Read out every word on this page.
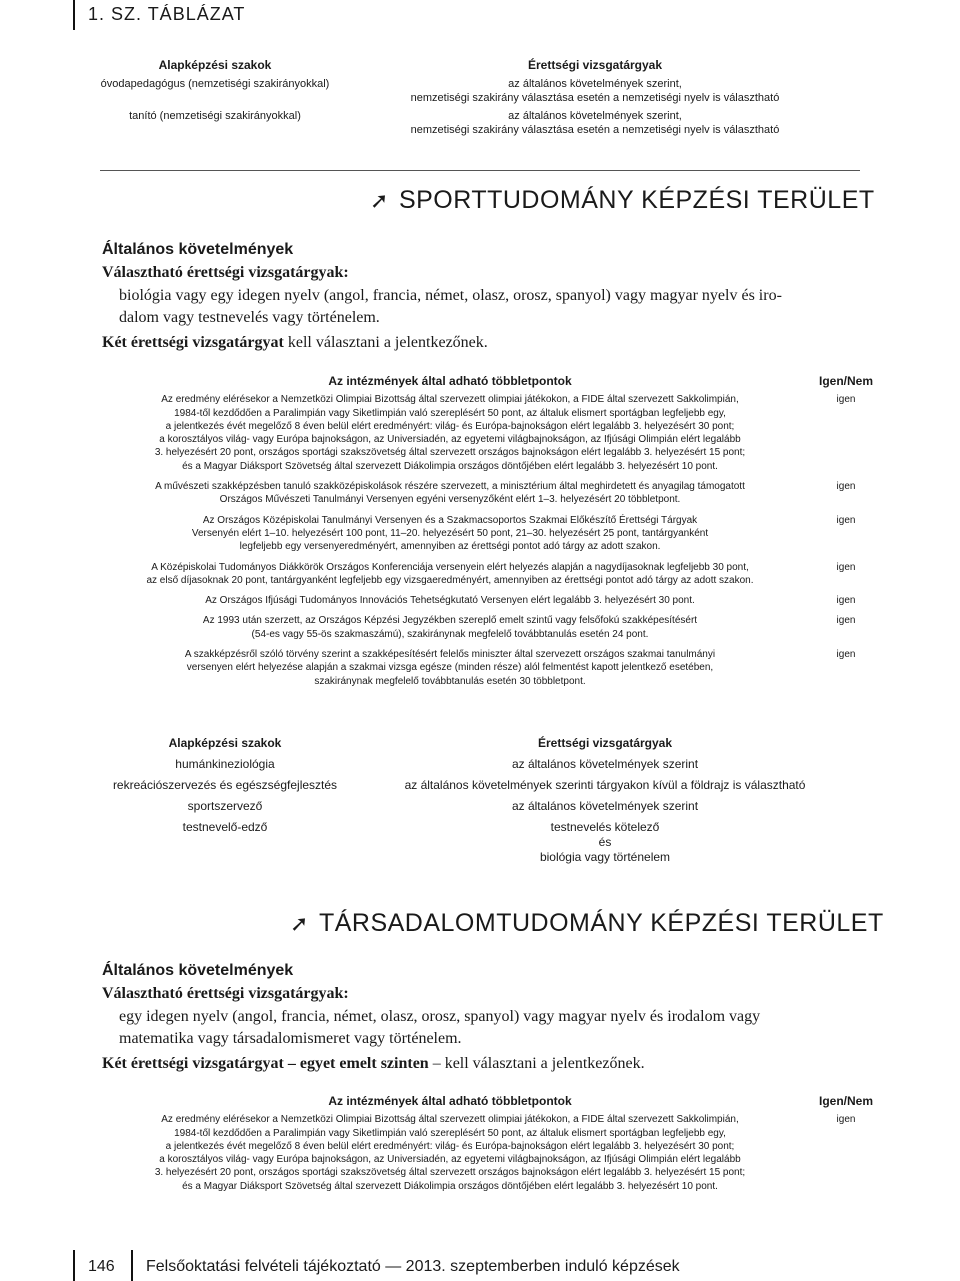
1. SZ. TÁBLÁZAT
Alapképzési szakok	Érettségi vizsgatárgyak
óvodapedagógus (nemzetiségi szakirányokkal)	az általános követelmények szerint,
nemzetiségi szakirány választása esetén a nemzetiségi nyelv is választható
tanító (nemzetiségi szakirányokkal)	az általános követelmények szerint,
nemzetiségi szakirány választása esetén a nemzetiségi nyelv is választható
➚ SPORTTUDOMÁNY KÉPZÉSI TERÜLET
Általános követelmények
Választható érettségi vizsgatárgyak:
biológia vagy egy idegen nyelv (angol, francia, német, olasz, orosz, spanyol) vagy magyar nyelv és iro-
dalom vagy testnevelés vagy történelem.
Két érettségi vizsgatárgyat kell választani a jelentkezőnek.
Az intézmények által adható többletpontok	Igen/Nem
Az eredmény elérésekor a Nemzetközi Olimpiai Bizottság által szervezett olimpiai játékokon, a FIDE által szervezett Sakkolimpián,
1984-től kezdődően a Paralimpián vagy Siketlimpián való szereplésért 50 pont, az általuk elismert sportágban legfeljebb egy,
a jelentkezés évét megelőző 8 éven belül elért eredményért: világ- és Európa-bajnokságon elért legalább 3. helyezésért 30 pont;
a korosztályos világ- vagy Európa bajnokságon, az Universiadén, az egyetemi világbajnokságon, az Ifjúsági Olimpián elért legalább
3. helyezésért 20 pont, országos sportági szakszövetség által szervezett országos bajnokságon elért legalább 3. helyezésért 15 pont;
és a Magyar Diáksport Szövetség által szervezett Diákolimpia országos döntőjében elért legalább 3. helyezésért 10 pont.
igen
A művészeti szakképzésben tanuló szakközépiskolások részére szervezett, a minisztérium által meghirdetett és anyagilag támogatott
Országos Művészeti Tanulmányi Versenyen egyéni versenyzőként elért 1–3. helyezésért 20 többletpont.
igen
Az Országos Középiskolai Tanulmányi Versenyen és a Szakmacsoportos Szakmai Előkészítő Érettségi Tárgyak
Versenyén elért 1–10. helyezésért 100 pont, 11–20. helyezésért 50 pont, 21–30. helyezésért 25 pont, tantárgyanként
legfeljebb egy versenyeredményért, amennyiben az érettségi pontot adó tárgy az adott szakon.
igen
A Középiskolai Tudományos Diákkörök Országos Konferenciája versenyein elért helyezés alapján a nagydíjasoknak legfeljebb 30 pont,
az első díjasoknak 20 pont, tantárgyanként legfeljebb egy vizsgaeredményért, amennyiben az érettségi pontot adó tárgy az adott szakon.
igen
Az Országos Ifjúsági Tudományos Innovációs Tehetségkutató Versenyen elért legalább 3. helyezésért 30 pont.	igen
Az 1993 után szerzett, az Országos Képzési Jegyzékben szereplő emelt szintű vagy felsőfokú szakképesítésért
(54-es vagy 55-ös szakmaszámú), szakiránynak megfelelő továbbtanulás esetén 24 pont.
igen
A szakképzésről szóló törvény szerint a szakképesítésért felelős miniszter által szervezett országos szakmai tanulmányi
versenyen elért helyezése alapján a szakmai vizsga egésze (minden része) alól felmentést kapott jelentkező esetében,
szakiránynak megfelelő továbbtanulás esetén 30 többletpont.
igen
Alapképzési szakok	Érettségi vizsgatárgyak
humánkineziológia	az általános követelmények szerint
rekreációszervezés és egészségfejlesztés	az általános követelmények szerinti tárgyakon kívül a földrajz is választható
sportszervező	az általános követelmények szerint
testnevelő-edző	testnevelés kötelező
és
biológia vagy történelem
➚ TÁRSADALOMTUDOMÁNY KÉPZÉSI TERÜLET
Általános követelmények
Választható érettségi vizsgatárgyak:
egy idegen nyelv (angol, francia, német, olasz, orosz, spanyol) vagy magyar nyelv és irodalom vagy
matematika vagy társadalomismeret vagy történelem.
Két érettségi vizsgatárgyat – egyet emelt szinten – kell választani a jelentkezőnek.
Az intézmények által adható többletpontok	Igen/Nem
Az eredmény elérésekor a Nemzetközi Olimpiai Bizottság által szervezett olimpiai játékokon, a FIDE által szervezett Sakkolimpián,
1984-től kezdődően a Paralimpián vagy Siketlimpián való szereplésért 50 pont, az általuk elismert sportágban legfeljebb egy,
a jelentkezés évét megelőző 8 éven belül elért eredményért: világ- és Európa-bajnokságon elért legalább 3. helyezésért 30 pont;
a korosztályos világ- vagy Európa bajnokságon, az Universiadén, az egyetemi világbajnokságon, az Ifjúsági Olimpián elért legalább
3. helyezésért 20 pont, országos sportági szakszövetség által szervezett országos bajnokságon elért legalább 3. helyezésért 15 pont;
és a Magyar Diáksport Szövetség által szervezett Diákolimpia országos döntőjében elért legalább 3. helyezésért 10 pont.
igen
146 Felsőoktatási felvételi tájékoztató — 2013. szeptemberben induló képzések
